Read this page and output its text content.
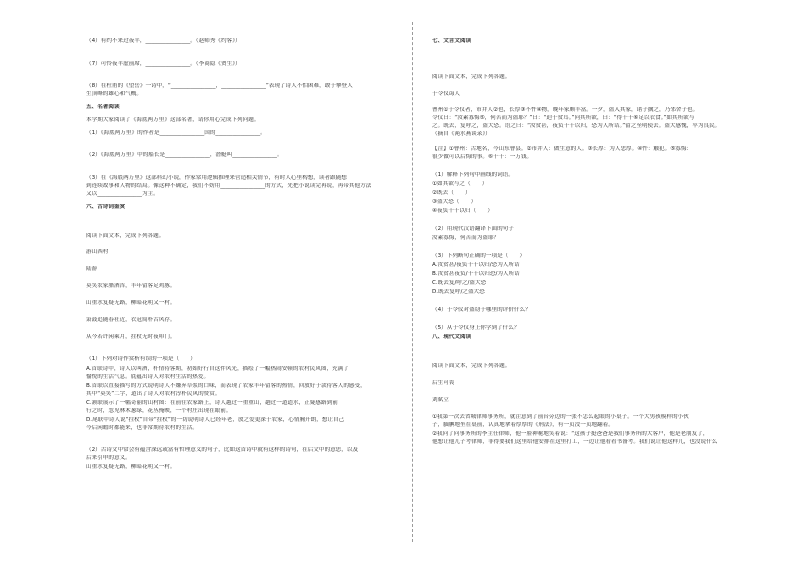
（4）有约不来过夜半，________________。（赵师秀《约客》）
（7）可怜夜半虚前席，________________。（李商隐《贾生》）
（8）在杜甫的《望岳》一诗中，“________________，________________”表现了诗人不怕困难，敢于攀登人
生顶峰的雄心和气概。
五、名著阅读
本学期大家阅读了《海底两万里》这部名著，请你用心完成下列问题。
（1）《海底两万里》的作者是________________国的________________。
（2）《海底两万里》中的船长是________________，潜艇叫________________。
（3）在《海底两万里》这部科幻小说，作家常用逻辑推理来营造相关情节，有时人心里构想，读者跟随想
到连续故事和人物的结局。像这种不确定，我们不妨用________________的方式，先把小说读完再说，再带其他方法
又以________________为主。
六、古诗词鉴赏
阅读下面文本，完成下列各题。
游山西村
陆游
莫笑农家腊酒浑，丰年留客足鸡豚。
山重水复疑无路，柳暗花明又一村。
箫鼓追随春社近，衣冠简朴古风存。
从今若许闲乘月，拄杖无时夜叩门。
（1）下列对诗作赏析有误的一项是（　　）
A.首联诗中，诗人以叫酒，杆情待客期，初始好行自这件风光，描绘了一幅热闹安顿的农村民风图，充满了
愉悦的生活气息。底蕴出诗人对农村生活的热爱。
B.首联以直接描写的方式说明诗人不嫌弃草浆的口味，而表现了农家丰年留客的热情，回放好于款待客人的感受，
其中“莫笑”二字，道出了诗人对农村淳朴民风的赞赏。
C.颔联展示了一幅奇丽的山村图：在前往农家路上，诗人越过一重重山，趟过一道道水，正疑感路到前
行之时，忽见林木葱绿，花丛掩映，一个村庄出现在眼前。
D.尾联中诗人说“拄杖”自带“拄杖”的一切说明诗人已经年老，放之爱更深于农家，心情胸开朗，想让自己
今后闲暇时都能来，也非常期待农村的生活。
（2）古诗文中常会有蕴含深远或富有哲理意义的句子，比如这首诗中就有这样的诗句，在后文中的意思，以及
后来引申的意义。
山重水复疑无路，柳暗花明又一村。
七、文言文阅读
阅读下面文本，完成下列各题。
于令仪诲人
曹州①于令仪者，市井人②也，长厚③不忤④物，晚年家颇丰富。一夕，盗入其家，诸子擒之，乃邻舍子也。
令仪曰：“汝素寡悔⑤，何苦而为盗耶？”曰：“迫于贫耳。”问其所欲，曰：“得十千⑥足以衣食。”如其所欲与
之。既去，复呼之，盗大恐。语之曰：“汝贫甚，夜负十千以归，恐为人所诘。”留之至明使去。盗大感愧，卒为良民。
（摘自《渑水燕谈录》）
【注】①曹州：古地名，今山东曹县。②市井人：做生意的人。③长厚：为人忠厚。④忤：触犯。⑤寡悔：
很少做可以后悔的事。⑥十千：一万钱。
（1）解释下列句中画线的词语。
①如其欲与之（　　）
②既去（　　）
③盗大恐（　　）
④夜负十千以归（　　）
（2）用现代汉语翻译下面的句子
汝素寡悔，何苦而为盗耶？
（3）下列断句正确的一项是（　　）
A.汝贫甚/夜负十千以归/恐为人所诘
B.汝贫甚夜负/十千以归恐/为人所诘
C.既去复/呼之/盗大恐
D.既去复呼/之盗大恐
（4）于令仪对盗窃于哪里的评价什么？
（5）从于令仪身上你学到了什么？
八、现代文阅读
阅读下面文本，完成下列各题。
后生可畏
刘斌立
①我第一次去省城律师事务所，就注意到了前台旁边的一张不怎么起眼的小桌子。一个大男孩模样的小伙
子，腼腆地坐在桌前，认真地拿着厚厚的《刑法》，有一页没一页地翻着。
②我问了问事务所的李主任律师，他一脸神秘地笑着说：“这孩子挺爸爸是我们事务所的大客户，他是老朋友了，
他想让他儿子考律师，非得要我们这里给他安排在这里打工，一边让他看看书备考。我们说让他这样儿，也没说什么
